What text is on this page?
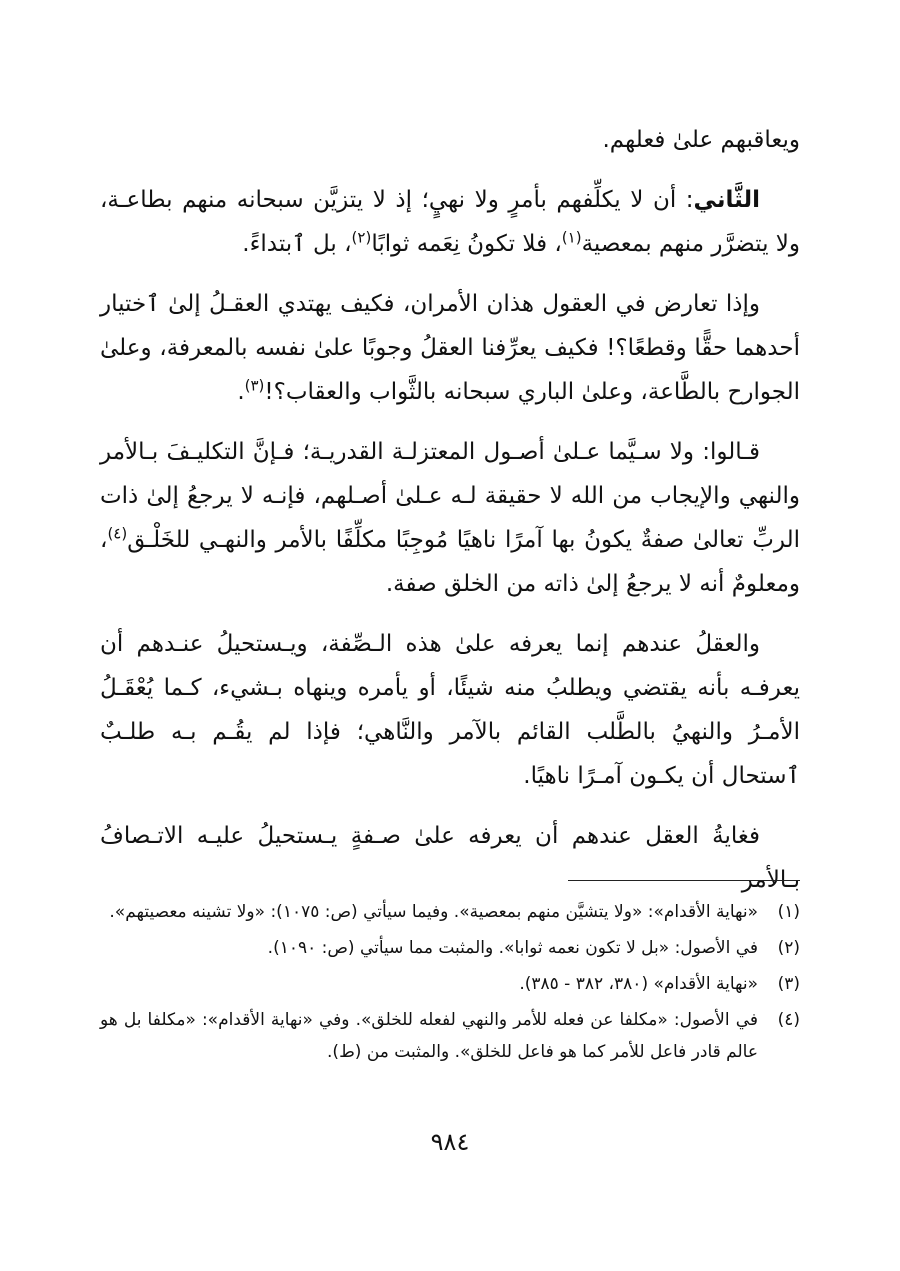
ويعاقبهم علىٰ فعلهم.

الثَّاني: أن لا يكلِّفهم بأمرٍ ولا نهيٍ؛ إذ لا يتزيَّن سبحانه منهم بطاعـة، ولا يتضرَّر منهم بمعصية$^{(١)}$، فلا تكونُ نِعَمه ثوابًا$^{(٢)}$، بل ٱبتداءً.

وإذا تعارض في العقول هذان الأمران، فكيف يهتدي العقـلُ إلىٰ ٱختيار أحدهما حقًّا وقطعًا؟! فكيف يعرِّفنا العقلُ وجوبًا علىٰ نفسه بالمعرفة، وعلىٰ الجوارح بالطَّاعة، وعلىٰ الباري سبحانه بالثَّواب والعقاب؟!$^{(٣)}$.

قـالوا: ولا سـيَّما عـلىٰ أصـول المعتزلـة القدريـة؛ فـإنَّ التكليـفَ بـالأمر والنهي والإيجاب من الله لا حقيقة لـه عـلىٰ أصـلهم، فإنـه لا يرجعُ إلىٰ ذات الربِّ تعالىٰ صفةٌ يكونُ بها آمرًا ناهيًا مُوجِبًا مكلِّفًا بالأمر والنهـي للخَلْـق$^{(٤)}$، ومعلومٌ أنه لا يرجعُ إلىٰ ذاته من الخلق صفة.

والعقلُ عندهم إنما يعرفه علىٰ هذه الـصِّفة، ويـستحيلُ عنـدهم أن يعرفـه بأنه يقتضي ويطلبُ منه شيئًا، أو يأمره وينهاه بـشيء، كـما يُعْقَـلُ الأمـرُ والنهيُ بالطَّلب القائم بالآمر والنَّاهي؛ فإذا لم يقُـم بـه طلـبٌ ٱستحال أن يكـون آمـرًا ناهيًا.

فغايةُ العقل عندهم أن يعرفه علىٰ صـفةٍ يـستحيلُ عليـه الاتـصافُ بـالأمر

(١)
«نهاية الأقدام»: «ولا يتشيَّن منهم بمعصية». وفيما سيأتي (ص: ١٠٧٥): «ولا تشينه معصيتهم».
(٢)
في الأصول: «بل لا تكون نعمه ثوابا». والمثبت مما سيأتي (ص: ١٠٩٠).
(٣)
«نهاية الأقدام» (٣٨٠، ٣٨٢ - ٣٨٥).
(٤)
في الأصول: «مكلفا عن فعله للأمر والنهي لفعله للخلق». وفي «نهاية الأقدام»: «مكلفا بل هو عالم قادر فاعل للأمر كما هو فاعل للخلق». والمثبت من (ط).
٩٨٤
